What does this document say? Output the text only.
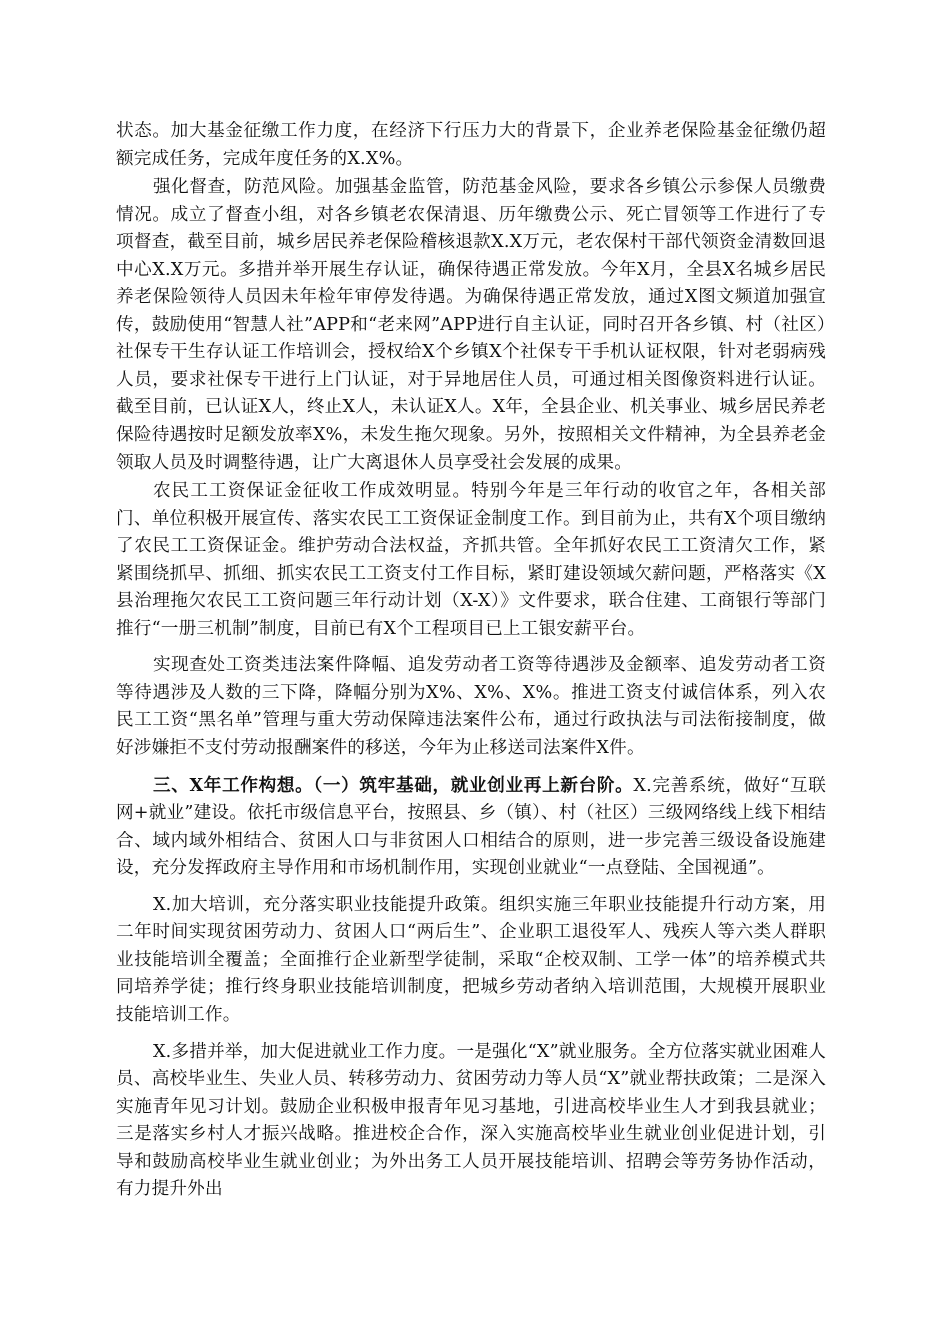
状态。加大基金征缴工作力度，在经济下行压力大的背景下，企业养老保险基金征缴仍超额完成任务，完成年度任务的X.X%。

强化督查，防范风险。加强基金监管，防范基金风险，要求各乡镇公示参保人员缴费情况。成立了督查小组，对各乡镇老农保清退、历年缴费公示、死亡冒领等工作进行了专项督查，截至目前，城乡居民养老保险稽核退款X.X万元，老农保村干部代领资金清数回退中心X.X万元。多措并举开展生存认证，确保待遇正常发放。今年X月，全县X名城乡居民养老保险领待人员因未年检年审停发待遇。为确保待遇正常发放，通过X图文频道加强宣传，鼓励使用“智慧人社”APP和“老来网”APP进行自主认证，同时召开各乡镇、村（社区）社保专干生存认证工作培训会，授权给X个乡镇X个社保专干手机认证权限，针对老弱病残人员，要求社保专干进行上门认证，对于异地居住人员，可通过相关图像资料进行认证。截至目前，已认证X人，终止X人，未认证X人。X年，全县企业、机关事业、城乡居民养老保险待遇按时足额发放率X%，未发生拖欠现象。另外，按照相关文件精神，为全县养老金领取人员及时调整待遇，让广大离退休人员享受社会发展的成果。

农民工工资保证金征收工作成效明显。特别今年是三年行动的收官之年，各相关部门、单位积极开展宣传、落实农民工工资保证金制度工作。到目前为止，共有X个项目缴纳了农民工工资保证金。维护劳动合法权益，齐抓共管。全年抓好农民工工资清欠工作，紧紧围绕抓早、抓细、抓实农民工工资支付工作目标，紧盯建设领域欠薪问题，严格落实《X县治理拖欠农民工工资问题三年行动计划（X-X）》文件要求，联合住建、工商银行等部门推行“一册三机制”制度，目前已有X个工程项目已上工银安薪平台。

实现查处工资类违法案件降幅、追发劳动者工资等待遇涉及金额率、追发劳动者工资等待遇涉及人数的三下降，降幅分别为X%、X%、X%。推进工资支付诚信体系，列入农民工工资“黑名单”管理与重大劳动保障违法案件公布，通过行政执法与司法衔接制度，做好涉嫌拒不支付劳动报酬案件的移送，今年为止移送司法案件X件。

三、X年工作构想。（一）筑牢基础，就业创业再上新台阶。X.完善系统，做好“互联网+就业”建设。依托市级信息平台，按照县、乡（镇）、村（社区）三级网络线上线下相结合、域内域外相结合、贫困人口与非贫困人口相结合的原则，进一步完善三级设备设施建设，充分发挥政府主导作用和市场机制作用，实现创业就业“一点登陆、全国视通”。

X.加大培训，充分落实职业技能提升政策。组织实施三年职业技能提升行动方案，用二年时间实现贫困劳动力、贫困人口“两后生”、企业职工退役军人、残疾人等六类人群职业技能培训全覆盖；全面推行企业新型学徒制，采取“企校双制、工学一体”的培养模式共同培养学徒；推行终身职业技能培训制度，把城乡劳动者纳入培训范围，大规模开展职业技能培训工作。

X.多措并举，加大促进就业工作力度。一是强化“X”就业服务。全方位落实就业困难人员、高校毕业生、失业人员、转移劳动力、贫困劳动力等人员“X”就业帮扶政策；二是深入实施青年见习计划。鼓励企业积极申报青年见习基地，引进高校毕业生人才到我县就业；三是落实乡村人才振兴战略。推进校企合作，深入实施高校毕业生就业创业促进计划，引导和鼓励高校毕业生就业创业；为外出务工人员开展技能培训、招聘会等劳务协作活动，有力提升外出
